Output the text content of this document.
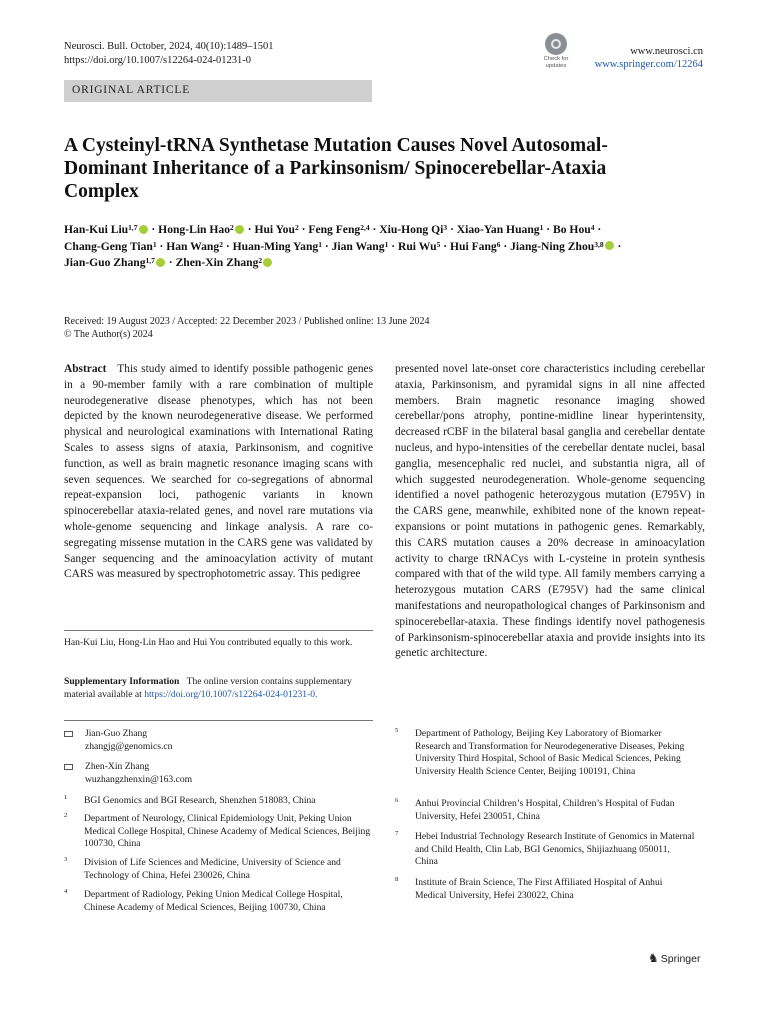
Neurosci. Bull. October, 2024, 40(10):1489–1501
https://doi.org/10.1007/s12264-024-01231-0	Check for
updates
www.neurosci.cn
www.springer.com/12264
ORIGINAL ARTICLE
A Cysteinyl-tRNA Synthetase Mutation Causes Novel Autosomal-Dominant Inheritance of a Parkinsonism/ Spinocerebellar-Ataxia Complex
Han-Kui Liu$^{1,7}$ · Hong-Lin Hao$^2$ · Hui You$^2$ · Feng Feng$^{2,4}$ · Xiu-Hong $Qi^3$ · Xiao-Yan Huang$^1$ · Bo Hou$^4$ ·
Chang-Geng Tian$^1$ · Han Wang$^2$ · Huan-Ming Yang$^1$ · Jian Wang$^1$ · Rui $Wu^5$ · Hui Fang$^6$ · Jiang-Ning Zhou$^{3,8}$ ·
Jian-Guo Zhang$^{1,7}$ · Zhen-Xin Zhang$^2$
Received: 19 August 2023 / Accepted: 22 December 2023 / Published online: 13 June 2024
© The Author(s) 2024
Abstract This study aimed to identify possible pathogenic genes in a 90-member family with a rare combination of multiple neurodegenerative disease phenotypes, which has not been depicted by the known neurodegenerative disease. We performed physical and neurological examinations with International Rating Scales to assess signs of ataxia, Parkinsonism, and cognitive function, as well as brain magnetic resonance imaging scans with seven sequences. We searched for co-segregations of abnormal repeat-expansion loci, pathogenic variants in known spinocerebellar ataxia-related genes, and novel rare mutations via whole-genome sequencing and linkage analysis. A rare co-segregating missense mutation in the CARS gene was validated by Sanger sequencing and the aminoacylation activity of mutant CARS was measured by spectrophotometric assay. This pedigree
presented novel late-onset core characteristics including cerebellar ataxia, Parkinsonism, and pyramidal signs in all nine affected members. Brain magnetic resonance imaging showed cerebellar/pons atrophy, pontine-midline linear hyperintensity, decreased rCBF in the bilateral basal ganglia and cerebellar dentate nucleus, and hypo-intensities of the cerebellar dentate nuclei, basal ganglia, mesencephalic red nuclei, and substantia nigra, all of which suggested neurodegeneration. Whole-genome sequencing identified a novel pathogenic heterozygous mutation (E795V) in the CARS gene, meanwhile, exhibited none of the known repeat-expansions or point mutations in pathogenic genes. Remarkably, this CARS mutation causes a 20% decrease in aminoacylation activity to charge tRNACys with L-cysteine in protein synthesis compared with that of the wild type. All family members carrying a heterozygous mutation CARS (E795V) had the same clinical manifestations and neuropathological changes of Parkinsonism and spinocerebellar-ataxia. These findings identify novel pathogenesis of Parkinsonism-spinocerebellar ataxia and provide insights into its genetic architecture.
Han-Kui Liu, Hong-Lin Hao and Hui You contributed equally to this work.
Supplementary Information The online version contains supplementary material available at https://doi.org/10.1007/s12264-024-01231-0.
Jian-Guo Zhang
zhangjg@genomics.cn
Zhen-Xin Zhang
wuzhangzhenxin@163.com
1 BGI Genomics and BGI Research, Shenzhen 518083, China
2 Department of Neurology, Clinical Epidemiology Unit, Peking Union Medical College Hospital, Chinese Academy of Medical Sciences, Beijing 100730, China
3 Division of Life Sciences and Medicine, University of Science and Technology of China, Hefei 230026, China
4 Department of Radiology, Peking Union Medical College Hospital, Chinese Academy of Medical Sciences, Beijing 100730, China
5 Department of Pathology, Beijing Key Laboratory of Biomarker Research and Transformation for Neurodegenerative Diseases, Peking University Third Hospital, School of Basic Medical Sciences, Peking University Health Science Center, Beijing 100191, China
6 Anhui Provincial Children’s Hospital, Children’s Hospital of Fudan University, Hefei 230051, China
7 Hebei Industrial Technology Research Institute of Genomics in Maternal and Child Health, Clin Lab, BGI Genomics, Shijiazhuang 050011, China
8 Institute of Brain Science, The First Affiliated Hospital of Anhui Medical University, Hefei 230022, China
♞ Springer
